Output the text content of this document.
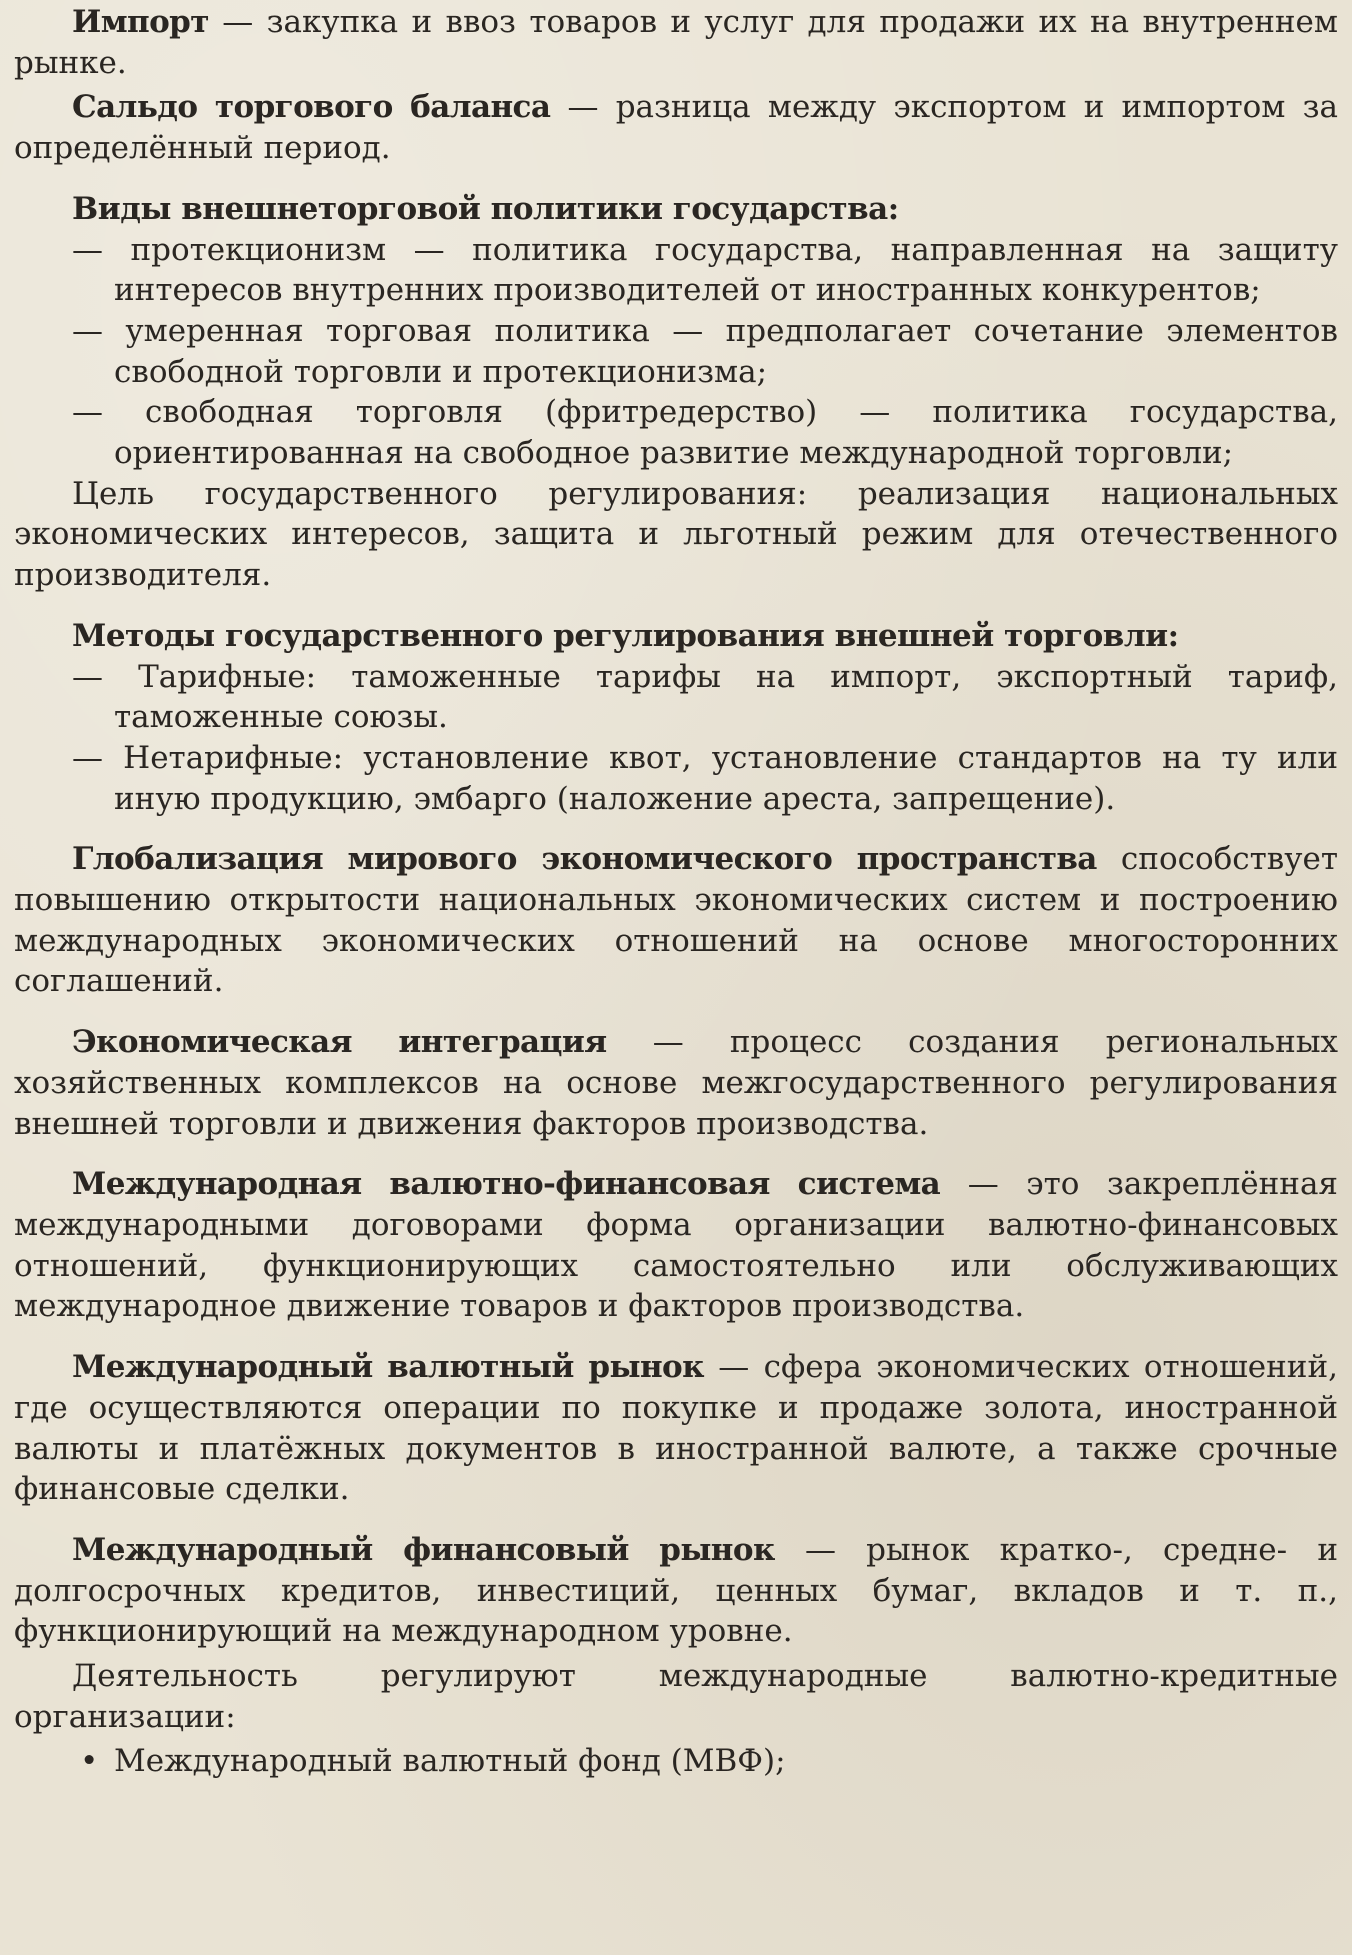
Импорт — закупка и ввоз товаров и услуг для продажи их на внутреннем рынке.

Сальдо торгового баланса — разница между экспортом и импортом за определённый период.

Виды внешнеторговой политики государства:

— протекционизм — политика государства, направленная на защиту интересов внутренних производителей от иностранных конкурентов;

— умеренная торговая политика — предполагает сочетание элементов свободной торговли и протекционизма;

— свободная торговля (фритредерство) — политика государства, ориентированная на свободное развитие международной торговли;

Цель государственного регулирования: реализация национальных экономических интересов, защита и льготный режим для отечественного производителя.

Методы государственного регулирования внешней торговли:

— Тарифные: таможенные тарифы на импорт, экспортный тариф, таможенные союзы.

— Нетарифные: установление квот, установление стандартов на ту или иную продукцию, эмбарго (наложение ареста, запрещение).

Глобализация мирового экономического пространства способствует повышению открытости национальных экономических систем и построению международных экономических отношений на основе многосторонних соглашений.

Экономическая интеграция — процесс создания региональных хозяйственных комплексов на основе межгосударственного регулирования внешней торговли и движения факторов производства.

Международная валютно-финансовая система — это закреплённая международными договорами форма организации валютно-финансовых отношений, функционирующих самостоятельно или обслуживающих международное движение товаров и факторов производства.

Международный валютный рынок — сфера экономических отношений, где осуществляются операции по покупке и продаже золота, иностранной валюты и платёжных документов в иностранной валюте, а также срочные финансовые сделки.

Международный финансовый рынок — рынок кратко-, средне- и долгосрочных кредитов, инвестиций, ценных бумаг, вкладов и т. п., функционирующий на международном уровне.

Деятельность регулируют международные валютно-кредитные организации:

• Международный валютный фонд (МВФ);
